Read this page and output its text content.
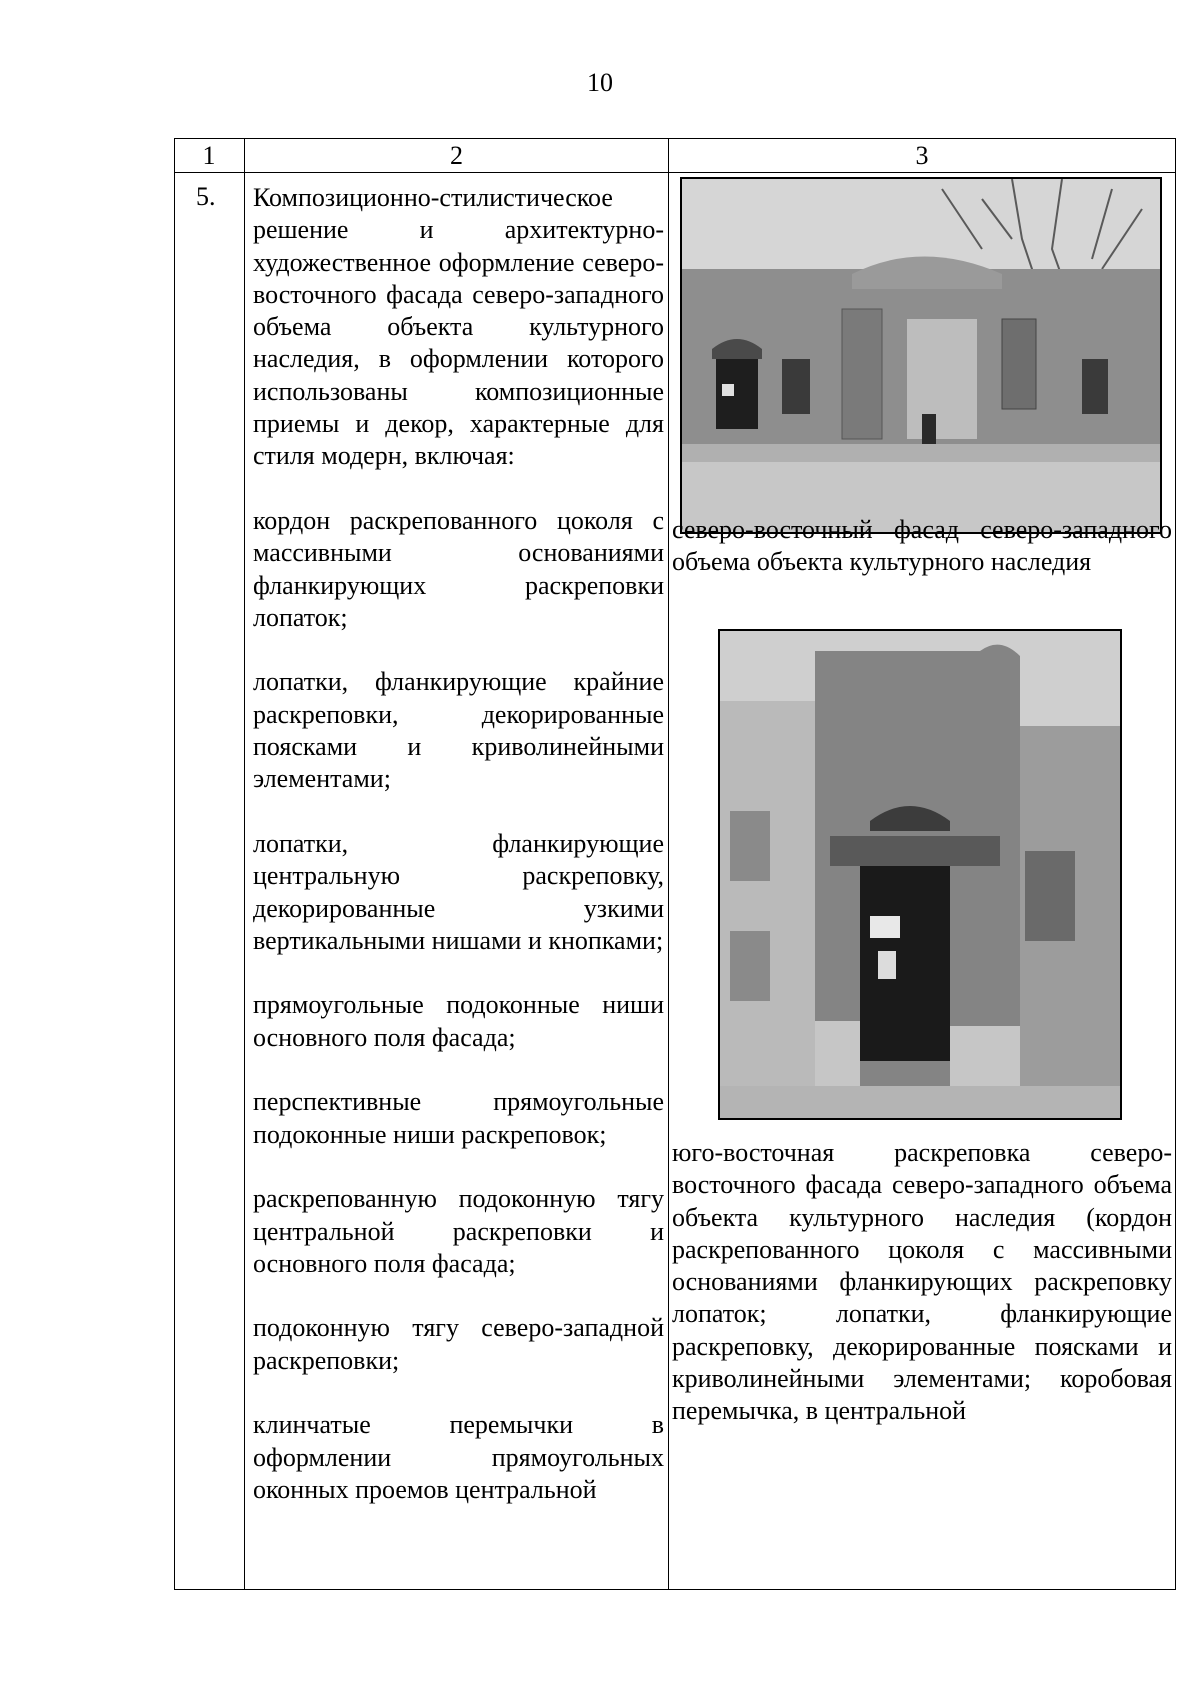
10
1	2	3
5. Композиционно-стилистическое решение и архитектурно-художественное оформление северо-восточного фасада северо-западного объема объекта культурного наследия, в оформлении которого использованы композиционные приемы и декор, характерные для стиля модерн, включая:

кордон раскрепованного цоколя с массивными основаниями фланкирующих раскреповки лопаток;

лопатки, фланкирующие крайние раскреповки, декорированные поясками и криволинейными элементами;

лопатки, фланкирующие центральную раскреповку, декорированные узкими вертикальными нишами и кнопками;

прямоугольные подоконные ниши основного поля фасада;

перспективные прямоугольные подоконные ниши раскреповок;

раскрепованную подоконную тягу центральной раскреповки и основного поля фасада;

подоконную тягу северо-западной раскреповки;

клинчатые перемычки в оформлении прямоугольных оконных проемов центральной

северо-восточный фасад северо-западного объема объекта культурного наследия
юго-восточная раскреповка северо-восточного фасада северо-западного объема объекта культурного наследия (кордон раскрепованного цоколя с массивными основаниями фланкирующих раскреповку лопаток; лопатки, фланкирующие раскреповку, декорированные поясками и криволинейными элементами; коробовая перемычка, в центральной
